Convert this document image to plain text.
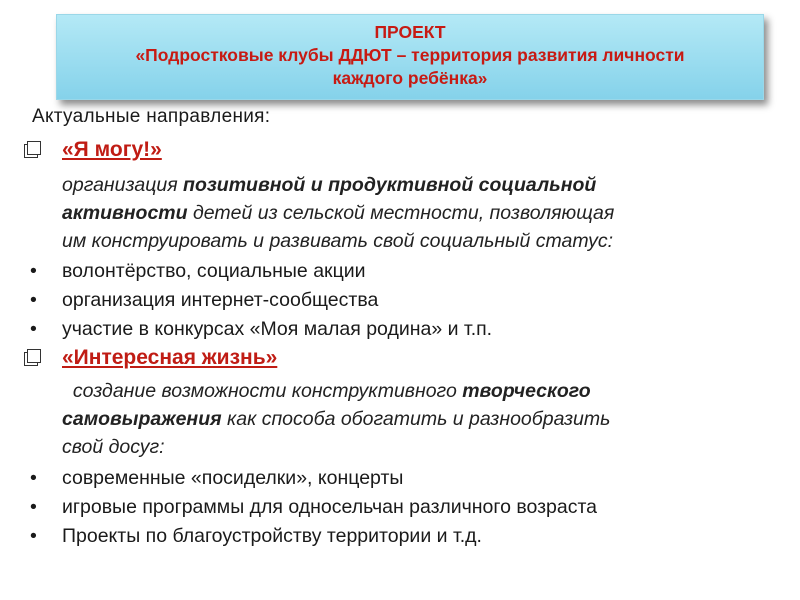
ПРОЕКТ
«Подростковые клубы ДДЮТ – территория развития личности
каждого ребёнка»
Актуальные направления:
«Я могу!»
организация позитивной и продуктивной социальной
активности детей из сельской местности, позволяющая
им конструировать и развивать свой социальный статус:
• волонтёрство, социальные акции
• организация интернет-сообщества
• участие в конкурсах «Моя малая родина» и т.п.
«Интересная жизнь»
создание возможности конструктивного творческого
самовыражения как способа обогатить и разнообразить
свой досуг:
• современные «посиделки», концерты
• игровые программы для односельчан различного возраста
• Проекты по благоустройству территории и т.д.
